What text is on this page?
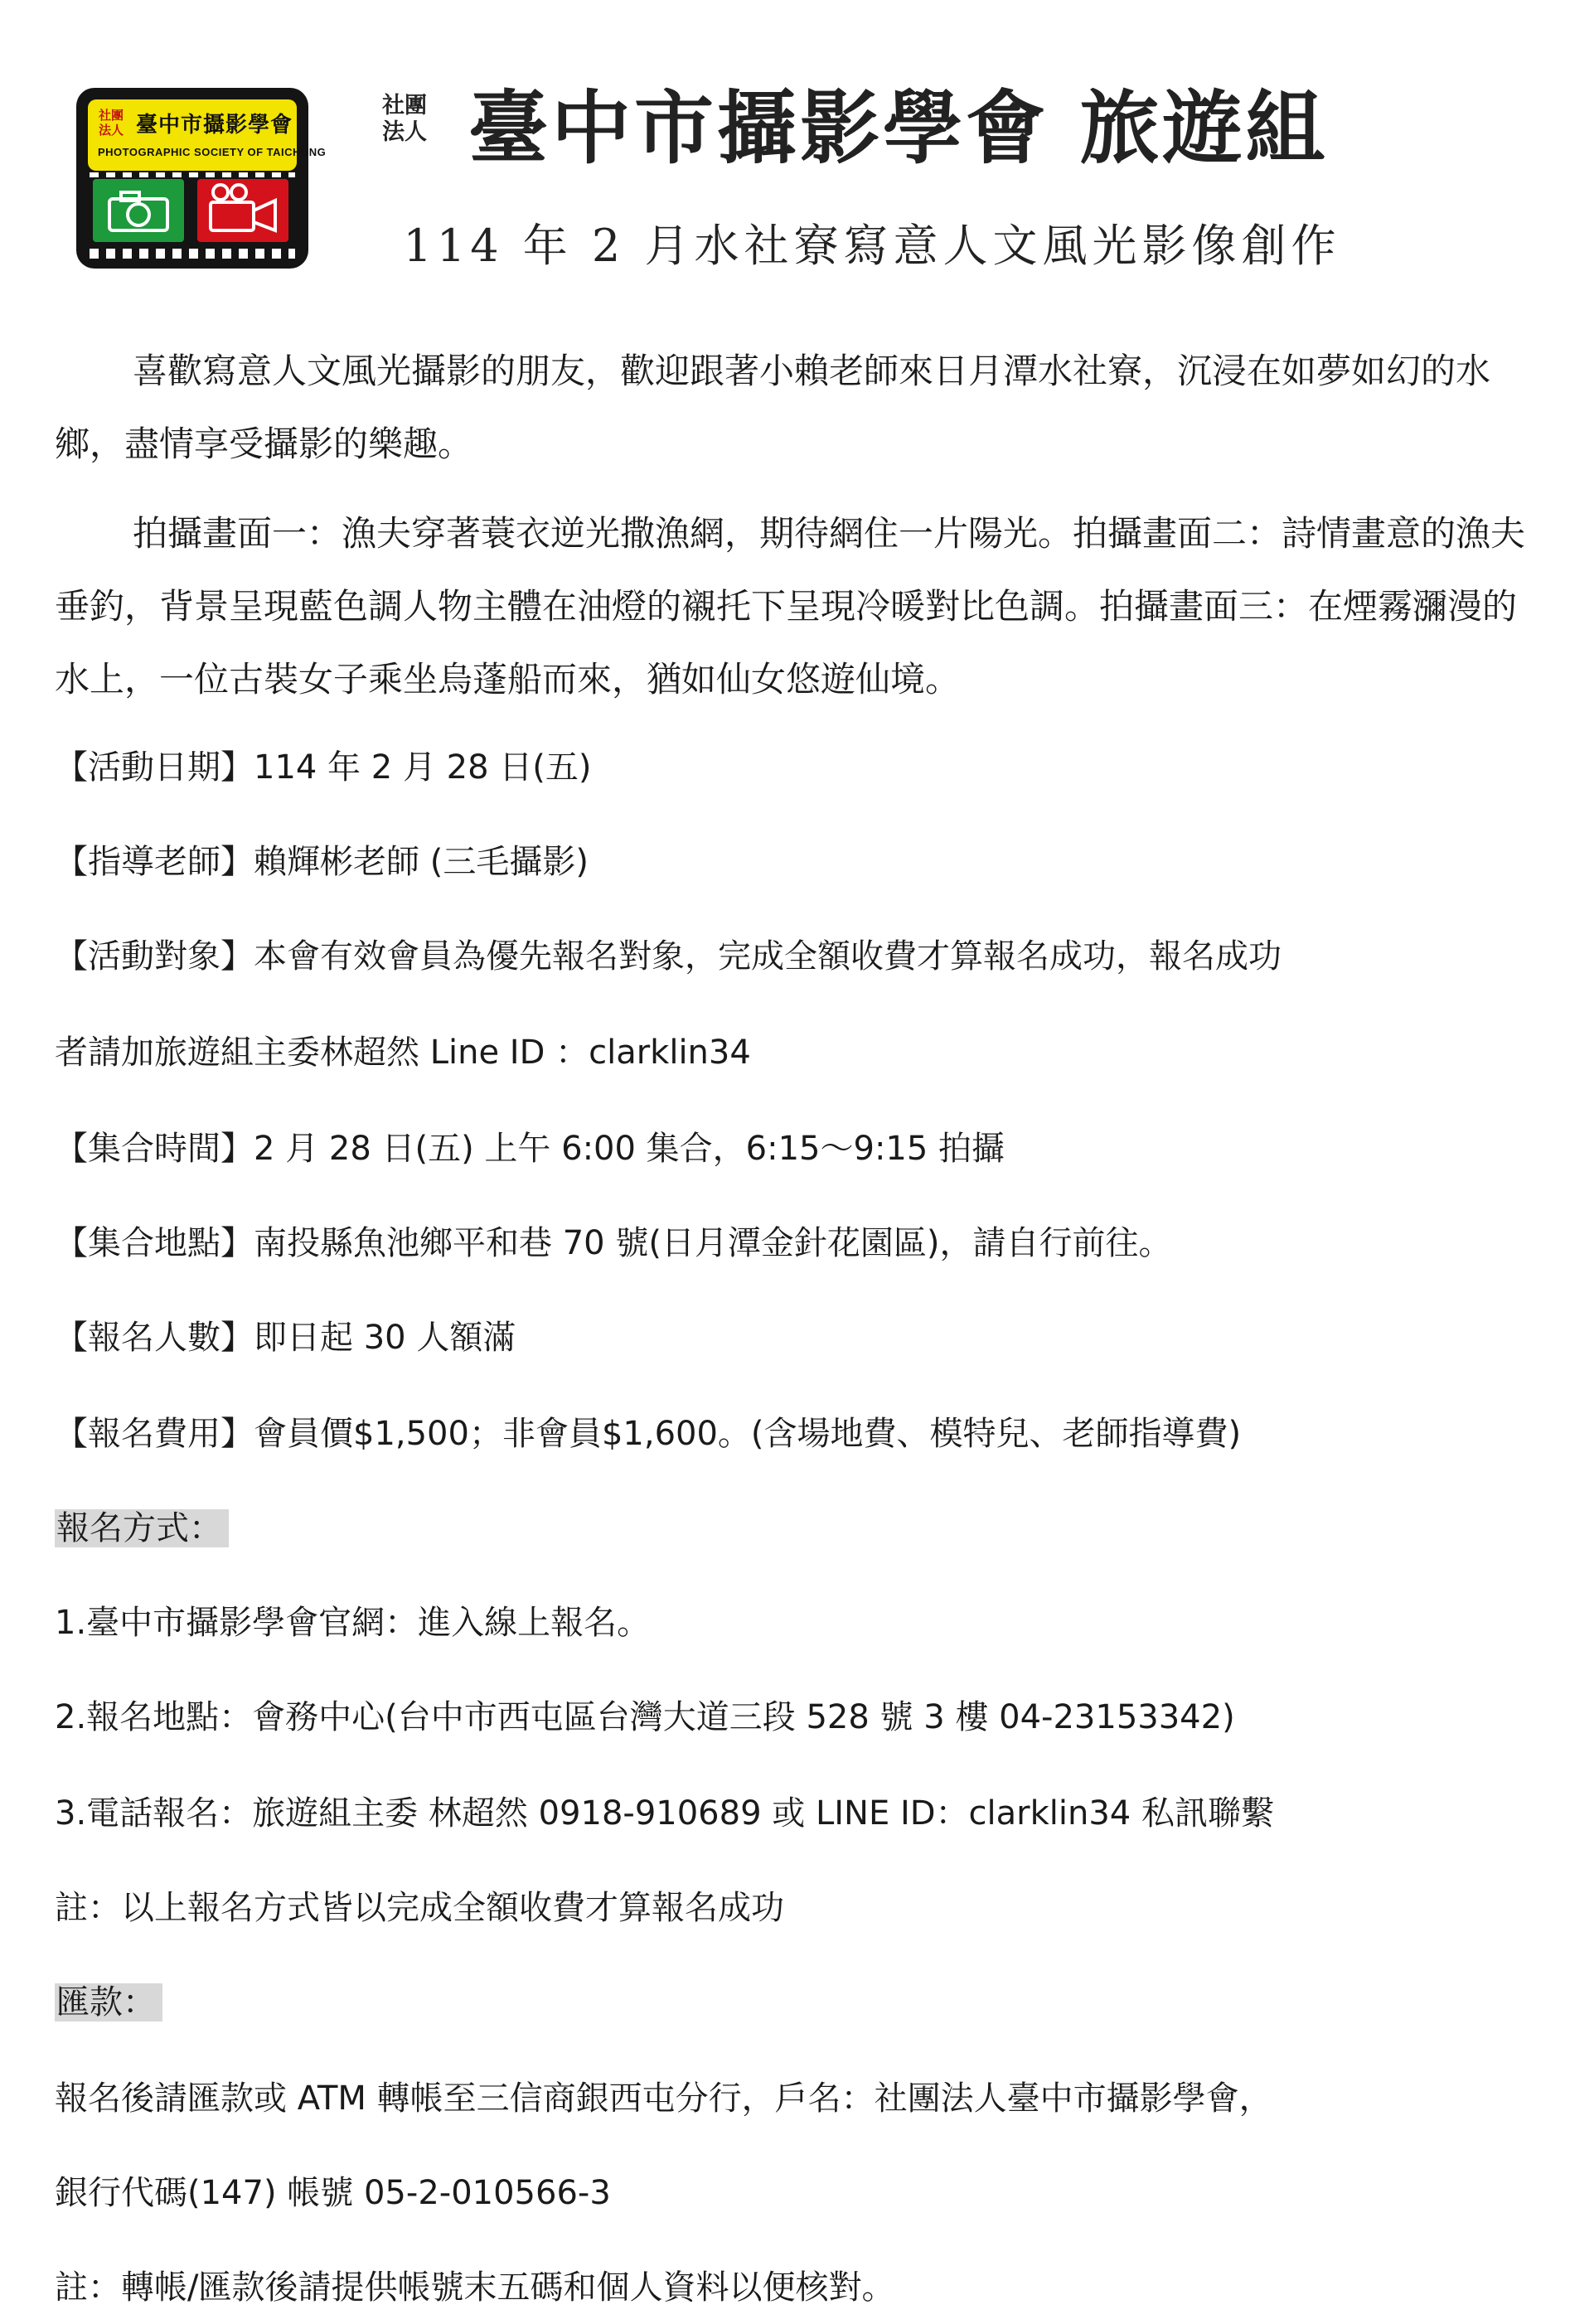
社團法人 臺中市攝影學會
PHOTOGRAPHIC SOCIETY OF TAICHUNG
社團法人 臺中市攝影學會 旅遊組
114 年 2 月水社寮寫意人文風光影像創作

喜歡寫意人文風光攝影的朋友，歡迎跟著小賴老師來日月潭水社寮，沉浸在如夢如幻的水鄉，盡情享受攝影的樂趣。

拍攝畫面一：漁夫穿著蓑衣逆光撒漁網，期待網住一片陽光。拍攝畫面二：詩情畫意的漁夫垂釣，背景呈現藍色調人物主體在油燈的襯托下呈現冷暖對比色調。拍攝畫面三：在煙霧瀰漫的水上，一位古裝女子乘坐烏蓬船而來，猶如仙女悠遊仙境。

【活動日期】114 年 2 月 28 日(五)
【指導老師】賴輝彬老師 (三毛攝影)
【活動對象】本會有效會員為優先報名對象，完成全額收費才算報名成功，報名成功
者請加旅遊組主委林超然 Line ID ：clarklin34
【集合時間】2 月 28 日(五) 上午 6:00 集合，6:15～9:15 拍攝
【集合地點】南投縣魚池鄉平和巷 70 號(日月潭金針花園區)，請自行前往。
【報名人數】即日起 30 人額滿
【報名費用】會員價$1,500；非會員$1,600。(含場地費、模特兒、老師指導費)
報名方式：
1.臺中市攝影學會官網：進入線上報名。
2.報名地點：會務中心(台中市西屯區台灣大道三段 528 號 3 樓 04-23153342)
3.電話報名：旅遊組主委 林超然 0918-910689 或 LINE ID：clarklin34 私訊聯繫
註：以上報名方式皆以完成全額收費才算報名成功
匯款：
報名後請匯款或 ATM 轉帳至三信商銀西屯分行，戶名：社團法人臺中市攝影學會，
銀行代碼(147) 帳號 05-2-010566-3
註：轉帳/匯款後請提供帳號末五碼和個人資料以便核對。
